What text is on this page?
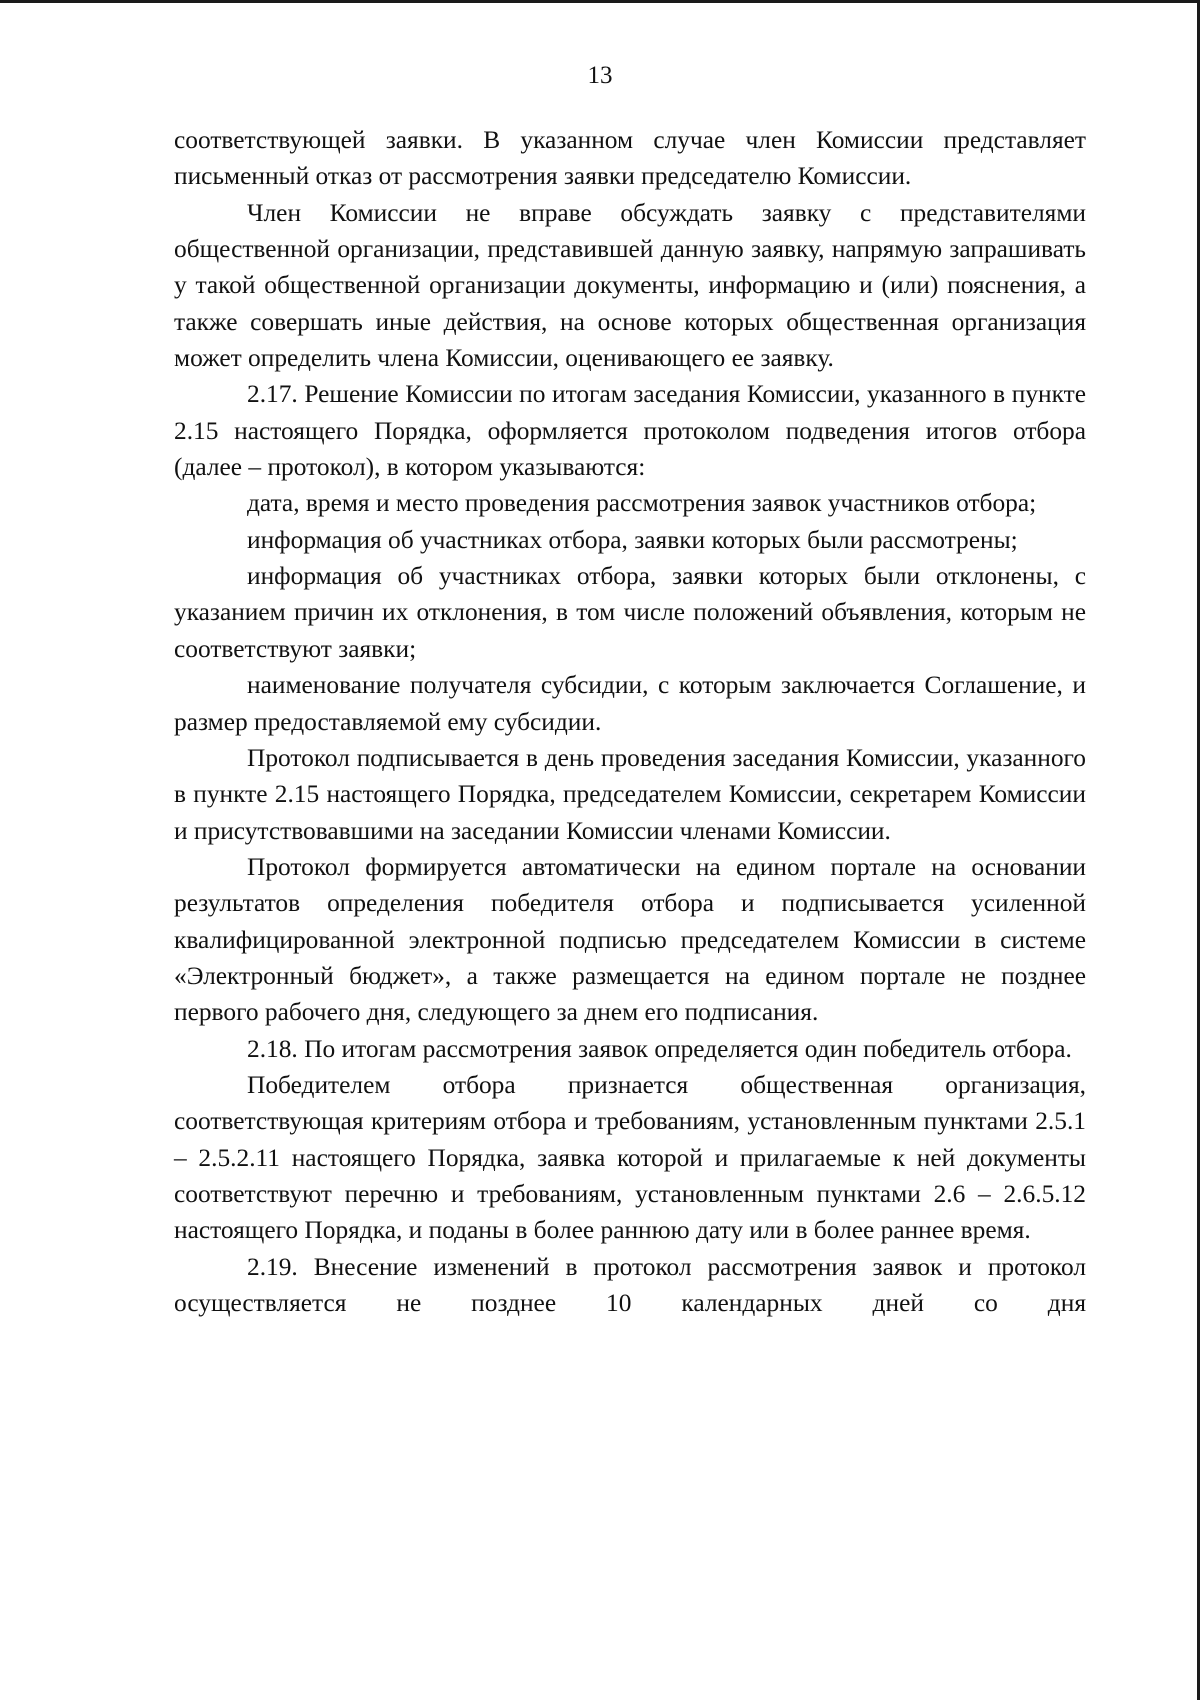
13

соответствующей заявки. В указанном случае член Комиссии представляет письменный отказ от рассмотрения заявки председателю Комиссии.

Член Комиссии не вправе обсуждать заявку с представителями общественной организации, представившей данную заявку, напрямую запрашивать у такой общественной организации документы, информацию и (или) пояснения, а также совершать иные действия, на основе которых общественная организация может определить члена Комиссии, оценивающего ее заявку.

2.17. Решение Комиссии по итогам заседания Комиссии, указанного в пункте 2.15 настоящего Порядка, оформляется протоколом подведения итогов отбора (далее – протокол), в котором указываются:

дата, время и место проведения рассмотрения заявок участников отбора;

информация об участниках отбора, заявки которых были рассмотрены;

информация об участниках отбора, заявки которых были отклонены, с указанием причин их отклонения, в том числе положений объявления, которым не соответствуют заявки;

наименование получателя субсидии, с которым заключается Соглашение, и размер предоставляемой ему субсидии.

Протокол подписывается в день проведения заседания Комиссии, указанного в пункте 2.15 настоящего Порядка, председателем Комиссии, секретарем Комиссии и присутствовавшими на заседании Комиссии членами Комиссии.

Протокол формируется автоматически на едином портале на основании результатов определения победителя отбора и подписывается усиленной квалифицированной электронной подписью председателем Комиссии в системе «Электронный бюджет», а также размещается на едином портале не позднее первого рабочего дня, следующего за днем его подписания.

2.18. По итогам рассмотрения заявок определяется один победитель отбора.

Победителем отбора признается общественная организация, соответствующая критериям отбора и требованиям, установленным пунктами 2.5.1 – 2.5.2.11 настоящего Порядка, заявка которой и прилагаемые к ней документы соответствуют перечню и требованиям, установленным пунктами 2.6 – 2.6.5.12 настоящего Порядка, и поданы в более раннюю дату или в более раннее время.

2.19. Внесение изменений в протокол рассмотрения заявок и протокол осуществляется не позднее 10 календарных дней со дня
